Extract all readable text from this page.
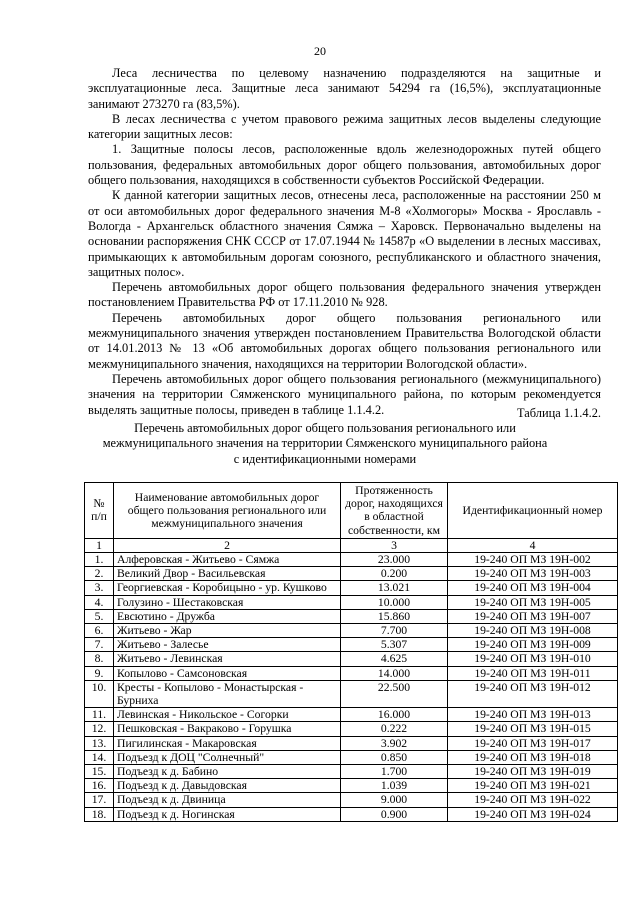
20

Леса лесничества по целевому назначению подразделяются на защитные и эксплуатационные леса. Защитные леса занимают 54294 га (16,5%), эксплуатационные занимают 273270 га (83,5%).

В лесах лесничества с учетом правового режима защитных лесов выделены следующие категории защитных лесов:

1. Защитные полосы лесов, расположенные вдоль железнодорожных путей общего пользования, федеральных автомобильных дорог общего пользования, автомобильных дорог общего пользования, находящихся в собственности субъектов Российской Федерации.

К данной категории защитных лесов, отнесены леса, расположенные на расстоянии 250 м от оси автомобильных дорог федерального значения М-8 «Холмогоры» Москва - Ярославль - Вологда - Архангельск областного значения Сямжа – Харовск. Первоначально выделены на основании распоряжения СНК СССР от 17.07.1944 № 14587р «О выделении в лесных массивах, примыкающих к автомобильным дорогам союзного, республиканского и областного значения, защитных полос».

Перечень автомобильных дорог общего пользования федерального значения утвержден постановлением Правительства РФ от 17.11.2010 № 928.

Перечень автомобильных дорог общего пользования регионального или межмуниципального значения утвержден постановлением Правительства Вологодской области от 14.01.2013 № 13 «Об автомобильных дорогах общего пользования регионального или межмуниципального значения, находящихся на территории Вологодской области».

Перечень автомобильных дорог общего пользования регионального (межмуниципального) значения на территории Сямженского муниципального района, по которым рекомендуется выделять защитные полосы, приведен в таблице 1.1.4.2.	Таблица 1.1.4.2.
Перечень автомобильных дорог общего пользования регионального или межмуниципального значения на территории Сямженского муниципального района с идентификационными номерами
№ п/п	Наименование автомобильных дорог общего пользования регионального или межмуниципального значения	Протяженность дорог, находящихся в областной собственности, км	Идентификационный номер
1	2	3	4
1.	Алферовская - Житьево - Сямжа	23.000	19-240 ОП МЗ 19Н-002
2.	Великий Двор - Васильевская	0.200	19-240 ОП МЗ 19Н-003
3.	Георгиевская - Коробицыно - ур. Кушково	13.021	19-240 ОП МЗ 19Н-004
4.	Голузино - Шестаковская	10.000	19-240 ОП МЗ 19Н-005
5.	Евсютино - Дружба	15.860	19-240 ОП МЗ 19Н-007
6.	Житьево - Жар	7.700	19-240 ОП МЗ 19Н-008
7.	Житьево - Залесье	5.307	19-240 ОП МЗ 19Н-009
8.	Житьево - Левинская	4.625	19-240 ОП МЗ 19Н-010
9.	Копылово - Самсоновская	14.000	19-240 ОП МЗ 19Н-011
10.	Кресты - Копылово - Монастырская - Бурниха	22.500	19-240 ОП МЗ 19Н-012
11.	Левинская - Никольское - Согорки	16.000	19-240 ОП МЗ 19Н-013
12.	Пешковская - Вакраково - Горушка	0.222	19-240 ОП МЗ 19Н-015
13.	Пигилинская - Макаровская	3.902	19-240 ОП МЗ 19Н-017
14.	Подъезд к ДОЦ "Солнечный"	0.850	19-240 ОП МЗ 19Н-018
15.	Подъезд к д. Бабино	1.700	19-240 ОП МЗ 19Н-019
16.	Подъезд к д. Давыдовская	1.039	19-240 ОП МЗ 19Н-021
17.	Подъезд к д. Двиница	9.000	19-240 ОП МЗ 19Н-022
18.	Подъезд к д. Ногинская	0.900	19-240 ОП МЗ 19Н-024
